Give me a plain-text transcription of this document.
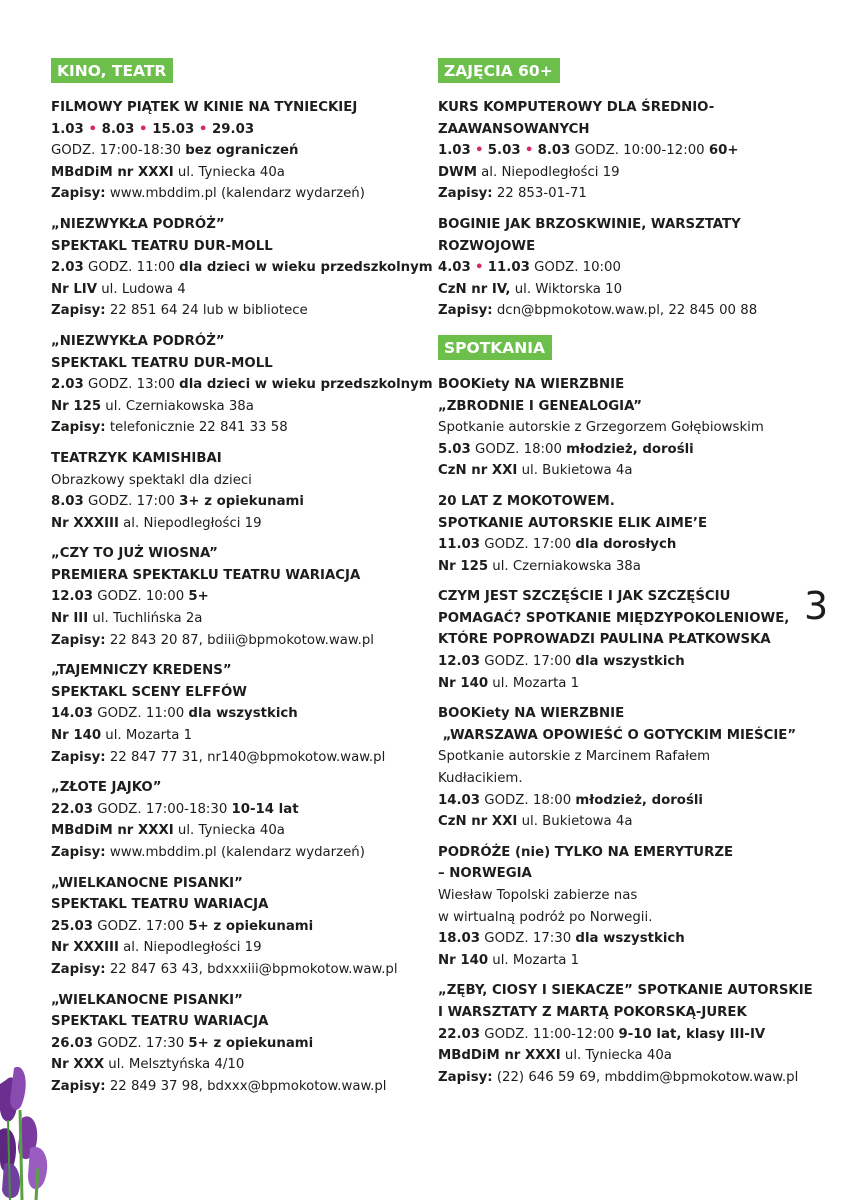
KINO, TEATR
FILMOWY PIĄTEK W KINIE NA TYNIECKIEJ
1.03 • 8.03 • 15.03 • 29.03
GODZ. 17:00-18:30 bez ograniczeń
MBdDiM nr XXXI ul. Tyniecka 40a
Zapisy: www.mbddim.pl (kalendarz wydarzeń)
„NIEZWYKŁA PODRÓŻ”
SPEKTAKL TEATRU DUR-MOLL
2.03 GODZ. 11:00 dla dzieci w wieku przedszkolnym
Nr LIV ul. Ludowa 4
Zapisy: 22 851 64 24 lub w bibliotece
„NIEZWYKŁA PODRÓŻ”
SPEKTAKL TEATRU DUR-MOLL
2.03 GODZ. 13:00 dla dzieci w wieku przedszkolnym
Nr 125 ul. Czerniakowska 38a
Zapisy: telefonicznie 22 841 33 58
TEATRZYK KAMISHIBAI
Obrazkowy spektakl dla dzieci
8.03 GODZ. 17:00 3+ z opiekunami
Nr XXXIII al. Niepodległości 19
„CZY TO JUŻ WIOSNA”
PREMIERA SPEKTAKLU TEATRU WARIACJA
12.03 GODZ. 10:00 5+
Nr III ul. Tuchlińska 2a
Zapisy: 22 843 20 87, bdiii@bpmokotow.waw.pl
„TAJEMNICZY KREDENS”
SPEKTAKL SCENY ELFFÓW
14.03 GODZ. 11:00 dla wszystkich
Nr 140 ul. Mozarta 1
Zapisy: 22 847 77 31, nr140@bpmokotow.waw.pl
„ZŁOTE JAJKO”
22.03 GODZ. 17:00-18:30 10-14 lat
MBdDiM nr XXXI ul. Tyniecka 40a
Zapisy: www.mbddim.pl (kalendarz wydarzeń)
„WIELKANOCNE PISANKI”
SPEKTAKL TEATRU WARIACJA
25.03 GODZ. 17:00 5+ z opiekunami
Nr XXXIII al. Niepodległości 19
Zapisy: 22 847 63 43, bdxxxiii@bpmokotow.waw.pl
„WIELKANOCNE PISANKI”
SPEKTAKL TEATRU WARIACJA
26.03 GODZ. 17:30 5+ z opiekunami
Nr XXX ul. Melsztyńska 4/10
Zapisy: 22 849 37 98, bdxxx@bpmokotow.waw.pl
ZAJĘCIA 60+
KURS KOMPUTEROWY DLA ŚREDNIO-
ZAAWANSOWANYCH
1.03 • 5.03 • 8.03 GODZ. 10:00-12:00 60+
DWM al. Niepodległości 19
Zapisy: 22 853-01-71
BOGINIE JAK BRZOSKWINIE, WARSZTATY
ROZWOJOWE
4.03 • 11.03 GODZ. 10:00
CzN nr IV, ul. Wiktorska 10
Zapisy: dcn@bpmokotow.waw.pl, 22 845 00 88
SPOTKANIA
BOOKiety NA WIERZBNIE
„ZBRODNIE I GENEALOGIA”
Spotkanie autorskie z Grzegorzem Gołębiowskim
5.03 GODZ. 18:00 młodzież, dorośli
CzN nr XXI ul. Bukietowa 4a
20 LAT Z MOKOTOWEM.
SPOTKANIE AUTORSKIE ELIK AIME’E
11.03 GODZ. 17:00 dla dorosłych
Nr 125 ul. Czerniakowska 38a
CZYM JEST SZCZĘŚCIE I JAK SZCZĘŚCIU
POMAGAĆ? SPOTKANIE MIĘDZYPOKOLENIOWE,
KTÓRE POPROWADZI PAULINA PŁATKOWSKA
12.03 GODZ. 17:00 dla wszystkich
Nr 140 ul. Mozarta 1
BOOKiety NA WIERZBNIE
„WARSZAWA OPOWIEŚĆ O GOTYCKIM MIEŚCIE”
Spotkanie autorskie z Marcinem Rafałem
Kudłacikiem.
14.03 GODZ. 18:00 młodzież, dorośli
CzN nr XXI ul. Bukietowa 4a
PODRÓŻE (nie) TYLKO NA EMERYTURZE
– NORWEGIA
Wiesław Topolski zabierze nas
w wirtualną podróż po Norwegii.
18.03 GODZ. 17:30 dla wszystkich
Nr 140 ul. Mozarta 1
„ZĘBY, CIOSY I SIEKACZE” SPOTKANIE AUTORSKIE
I WARSZTATY Z MARTĄ POKORSKĄ-JUREK
22.03 GODZ. 11:00-12:00 9-10 lat, klasy III-IV
MBdDiM nr XXXI ul. Tyniecka 40a
Zapisy: (22) 646 59 69, mbddim@bpmokotow.waw.pl
3
